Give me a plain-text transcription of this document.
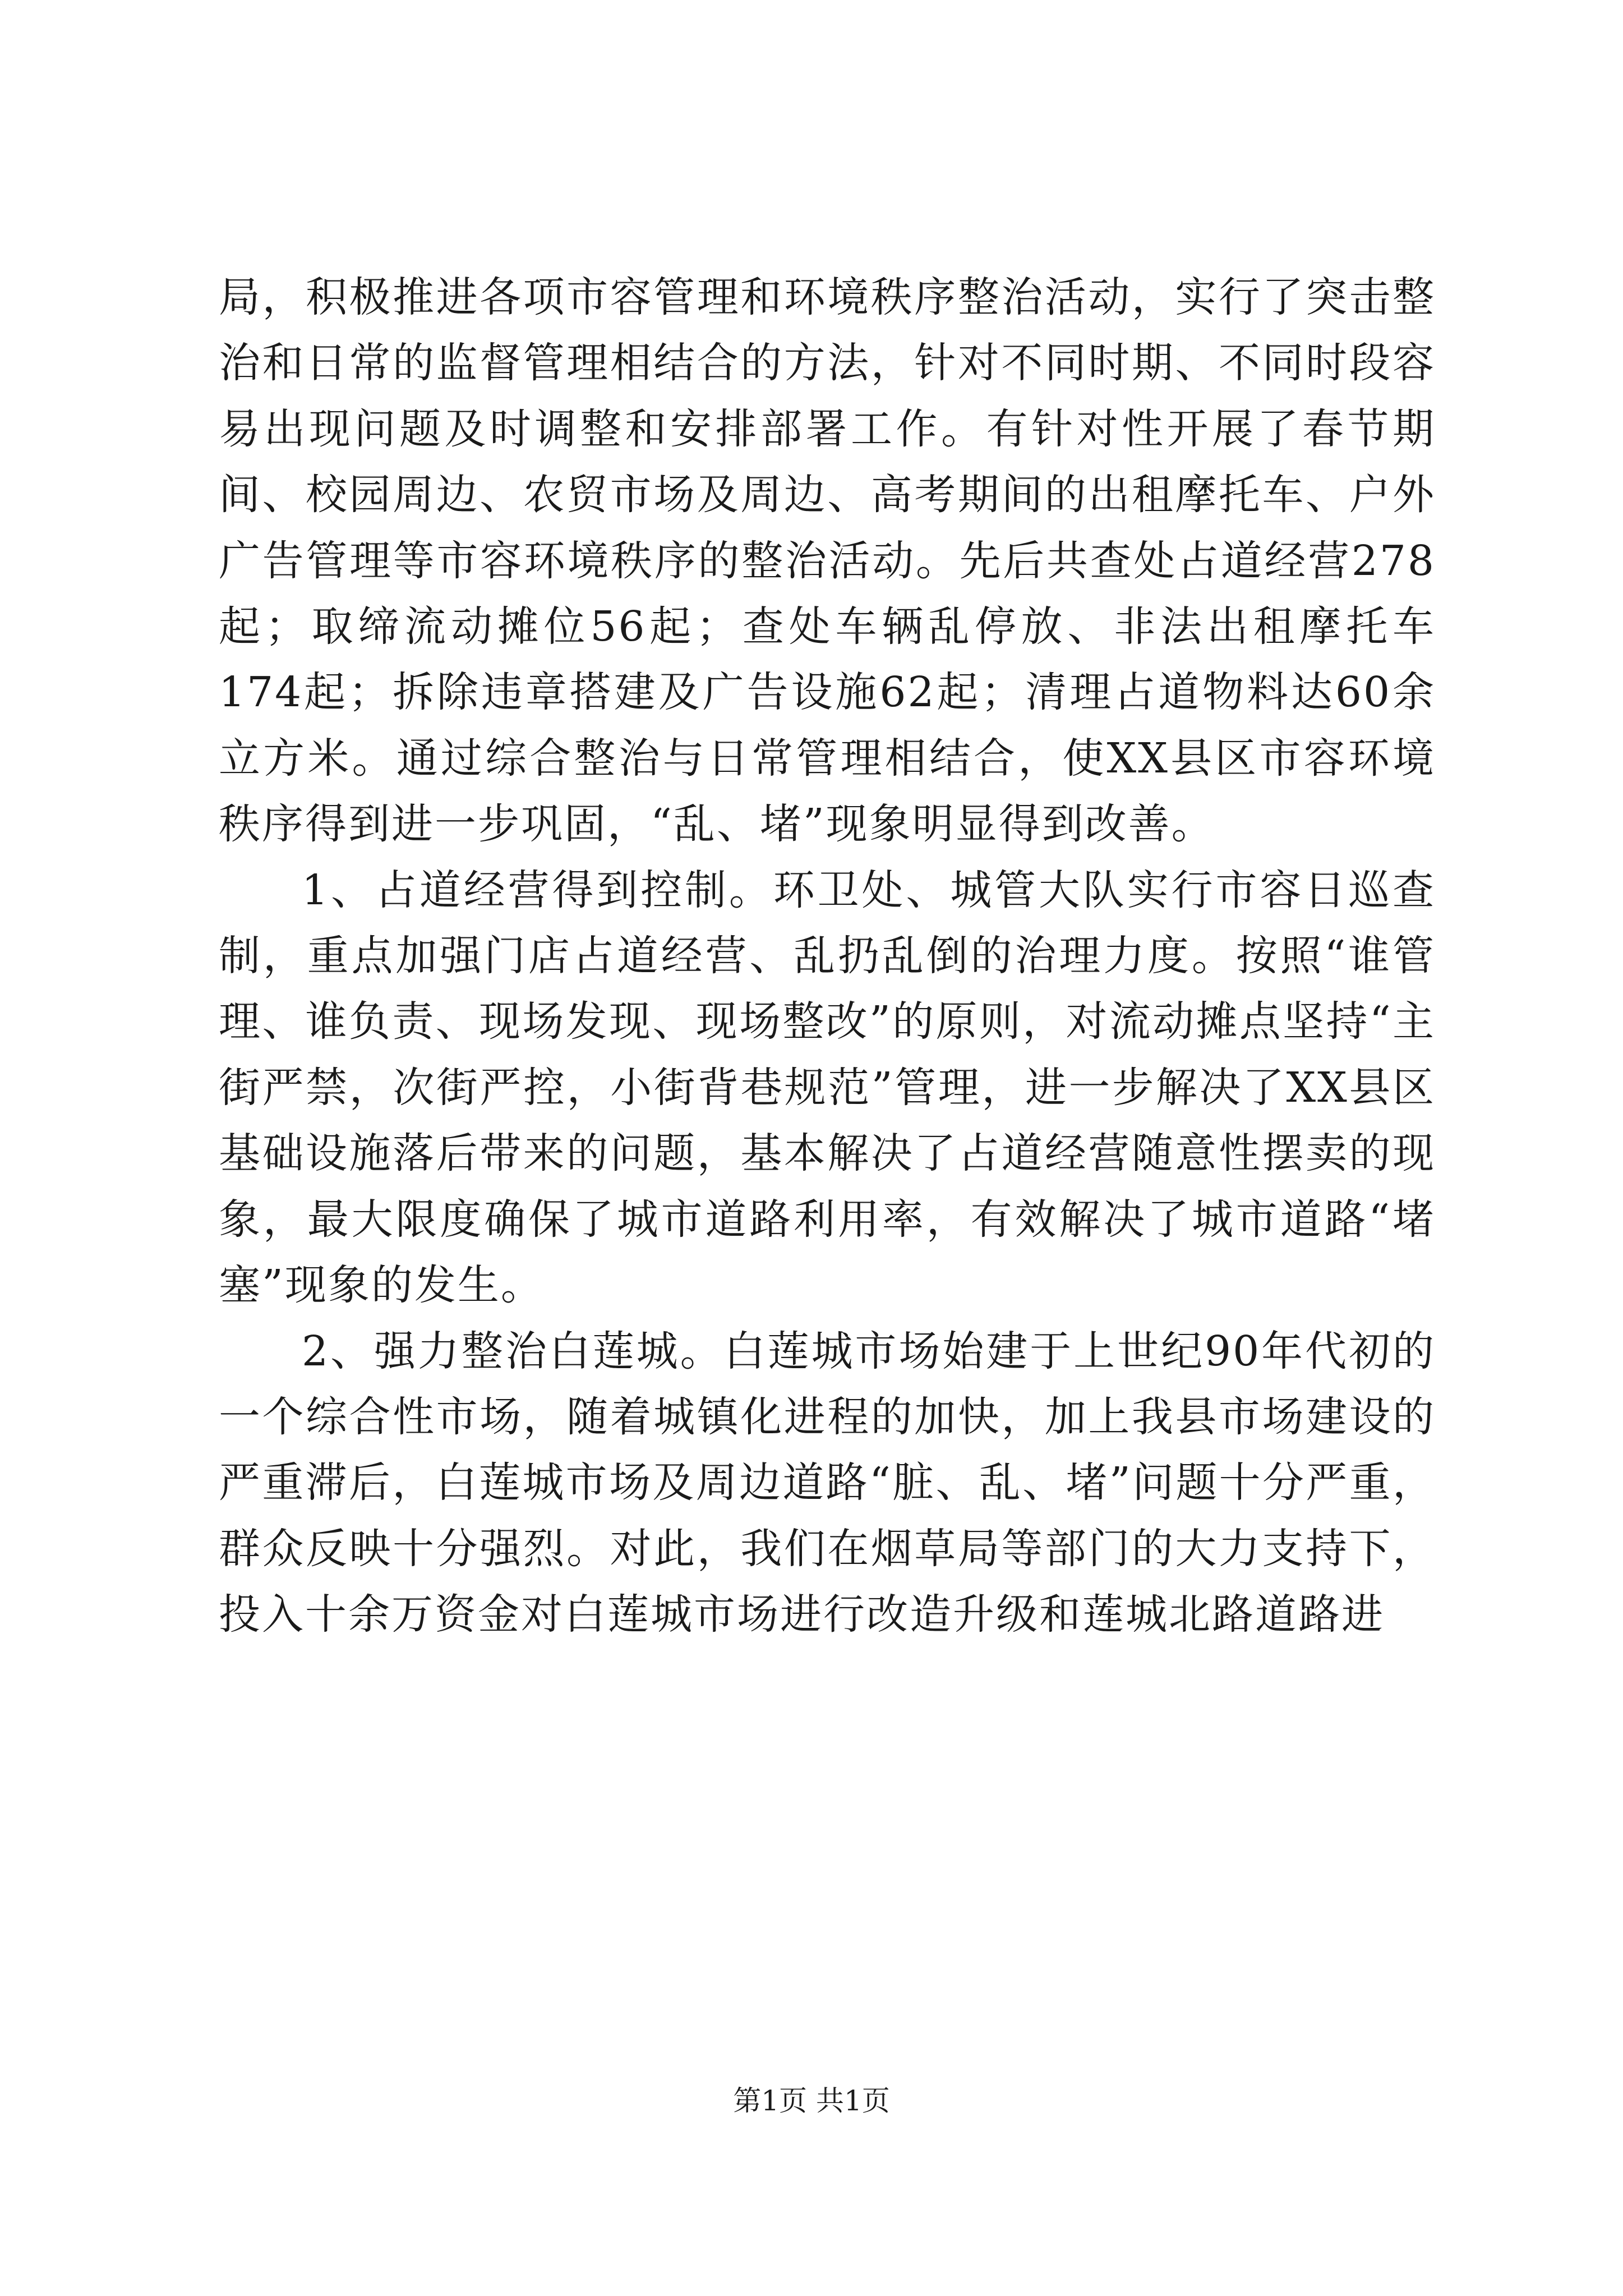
局，积极推进各项市容管理和环境秩序整治活动，实行了突击整治和日常的监督管理相结合的方法，针对不同时期、不同时段容易出现问题及时调整和安排部署工作。有针对性开展了春节期间、校园周边、农贸市场及周边、高考期间的出租摩托车、户外广告管理等市容环境秩序的整治活动。先后共查处占道经营278起；取缔流动摊位56起；查处车辆乱停放、非法出租摩托车174起；拆除违章搭建及广告设施62起；清理占道物料达60余立方米。通过综合整治与日常管理相结合，使XX县区市容环境秩序得到进一步巩固，“乱、堵”现象明显得到改善。

1、占道经营得到控制。环卫处、城管大队实行市容日巡查制，重点加强门店占道经营、乱扔乱倒的治理力度。按照“谁管理、谁负责、现场发现、现场整改”的原则，对流动摊点坚持“主街严禁，次街严控，小街背巷规范”管理，进一步解决了XX县区基础设施落后带来的问题，基本解决了占道经营随意性摆卖的现象，最大限度确保了城市道路利用率，有效解决了城市道路“堵塞”现象的发生。

2、强力整治白莲城。白莲城市场始建于上世纪90年代初的一个综合性市场，随着城镇化进程的加快，加上我县市场建设的严重滞后，白莲城市场及周边道路“脏、乱、堵”问题十分严重，群众反映十分强烈。对此，我们在烟草局等部门的大力支持下，投入十余万资金对白莲城市场进行改造升级和莲城北路道路进

第1页 共1页
